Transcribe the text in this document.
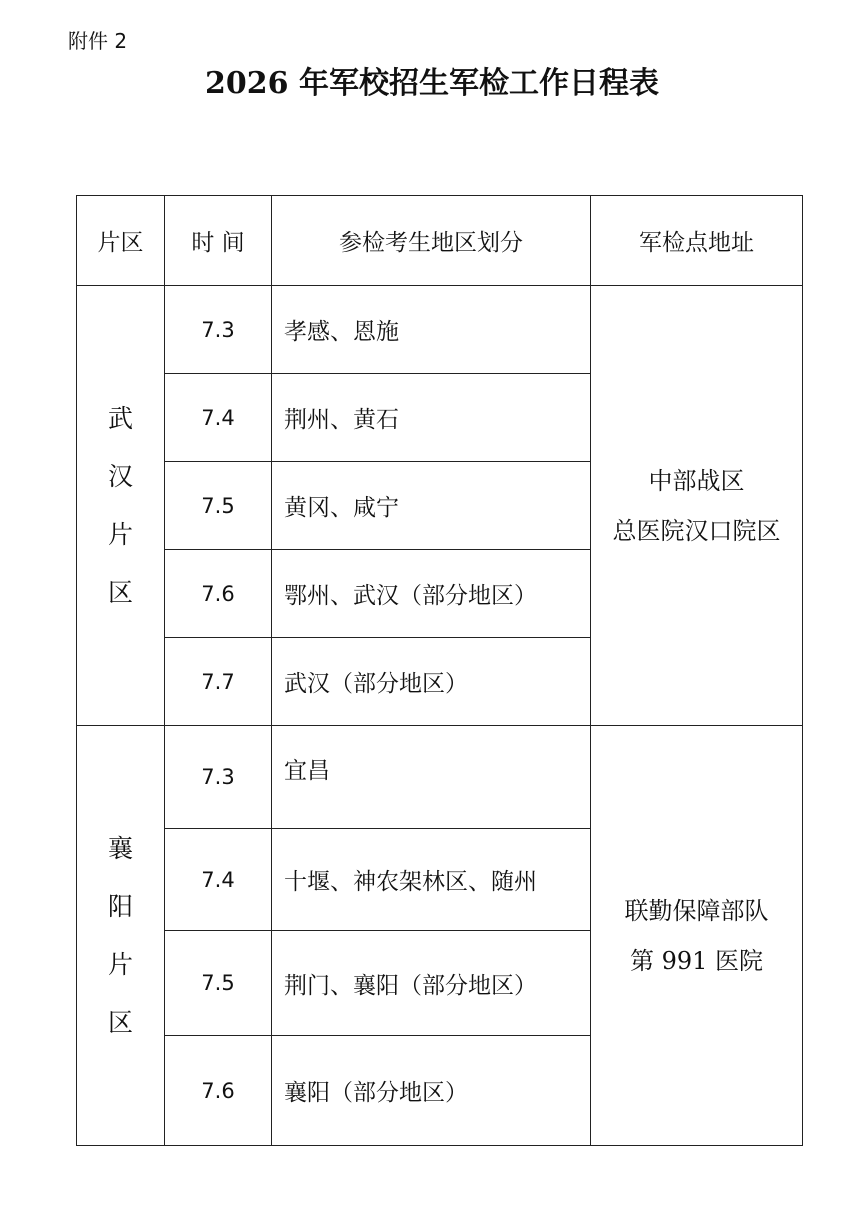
附件 2
2026 年军校招生军检工作日程表
片区	时 间	参检考生地区划分	军检点地址
武汉片区	7.3	孝感、恩施	中部战区
总医院汉口院区

	7.4	荆州、黄石	
	7.5	黄冈、咸宁	
	7.6	鄂州、武汉（部分地区）	
	7.7	武汉（部分地区）	
襄阳片区	7.3	宜昌	联勤保障部队
第 991 医院

	7.4	十堰、神农架林区、随州	
	7.5	荆门、襄阳（部分地区）	
	7.6	襄阳（部分地区）	
